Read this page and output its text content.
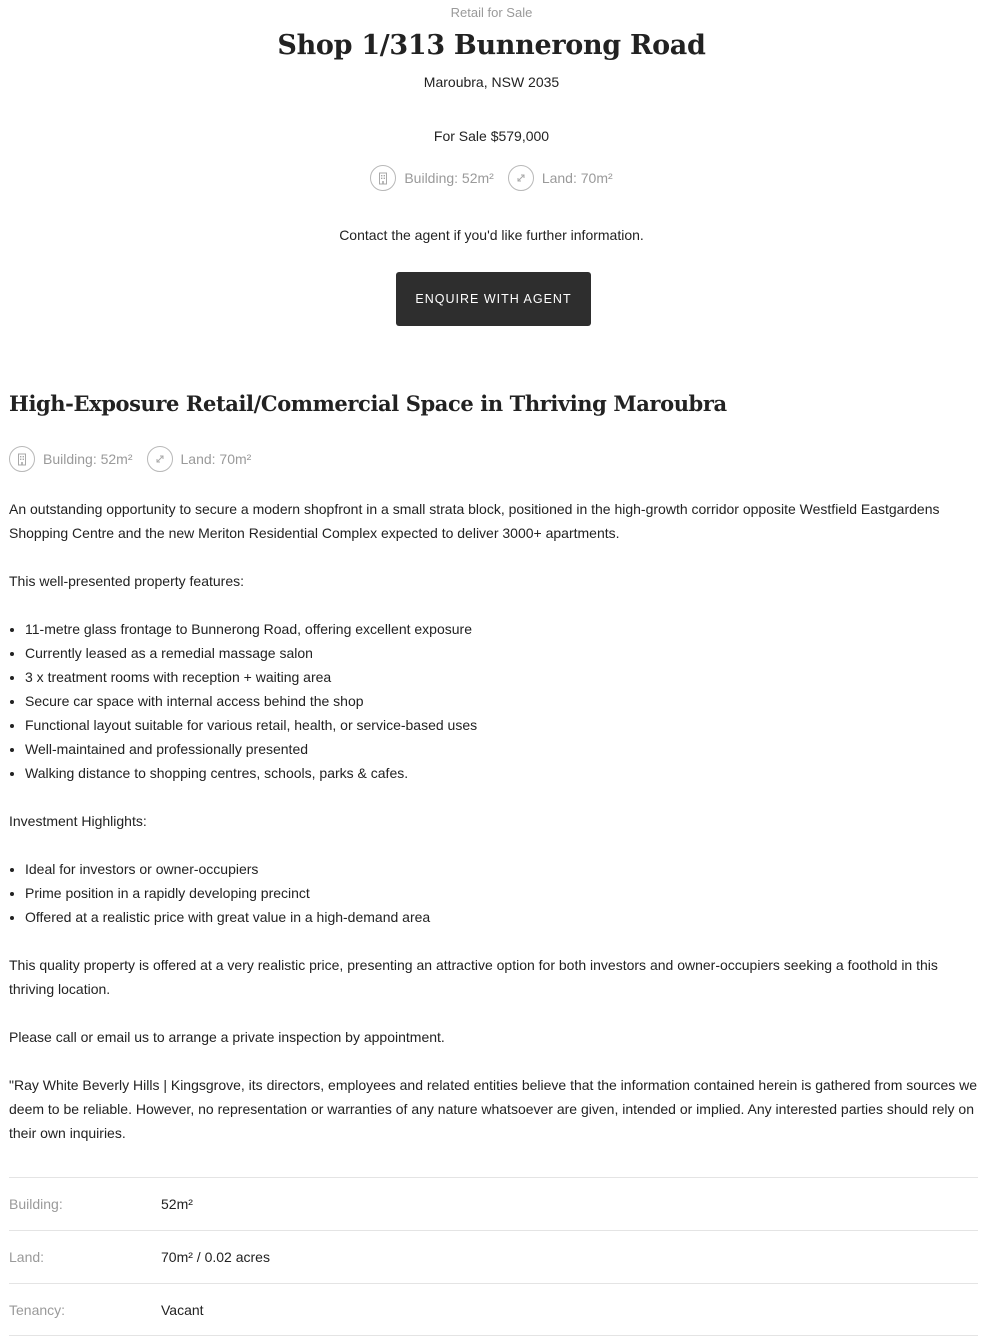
Retail for Sale
Shop 1/313 Bunnerong Road
Maroubra, NSW 2035
For Sale $579,000
Building: 52m²	Land: 70m²
Contact the agent if you'd like further information.
ENQUIRE WITH AGENT
High-Exposure Retail/Commercial Space in Thriving Maroubra
Building: 52m²	Land: 70m²

An outstanding opportunity to secure a modern shopfront in a small strata block, positioned in the high-growth corridor opposite Westfield Eastgardens Shopping Centre and the new Meriton Residential Complex expected to deliver 3000+ apartments.

This well-presented property features:

• 11-metre glass frontage to Bunnerong Road, offering excellent exposure
• Currently leased as a remedial massage salon
• 3 x treatment rooms with reception + waiting area
• Secure car space with internal access behind the shop
• Functional layout suitable for various retail, health, or service-based uses
• Well-maintained and professionally presented
• Walking distance to shopping centres, schools, parks & cafes.

Investment Highlights:

• Ideal for investors or owner-occupiers
• Prime position in a rapidly developing precinct
• Offered at a realistic price with great value in a high-demand area

This quality property is offered at a very realistic price, presenting an attractive option for both investors and owner-occupiers seeking a foothold in this thriving location.

Please call or email us to arrange a private inspection by appointment.

"Ray White Beverly Hills | Kingsgrove, its directors, employees and related entities believe that the information contained herein is gathered from sources we deem to be reliable. However, no representation or warranties of any nature whatsoever are given, intended or implied. Any interested parties should rely on their own inquiries.

Building:	52m²
Land:	70m² / 0.02 acres
Tenancy:	Vacant
